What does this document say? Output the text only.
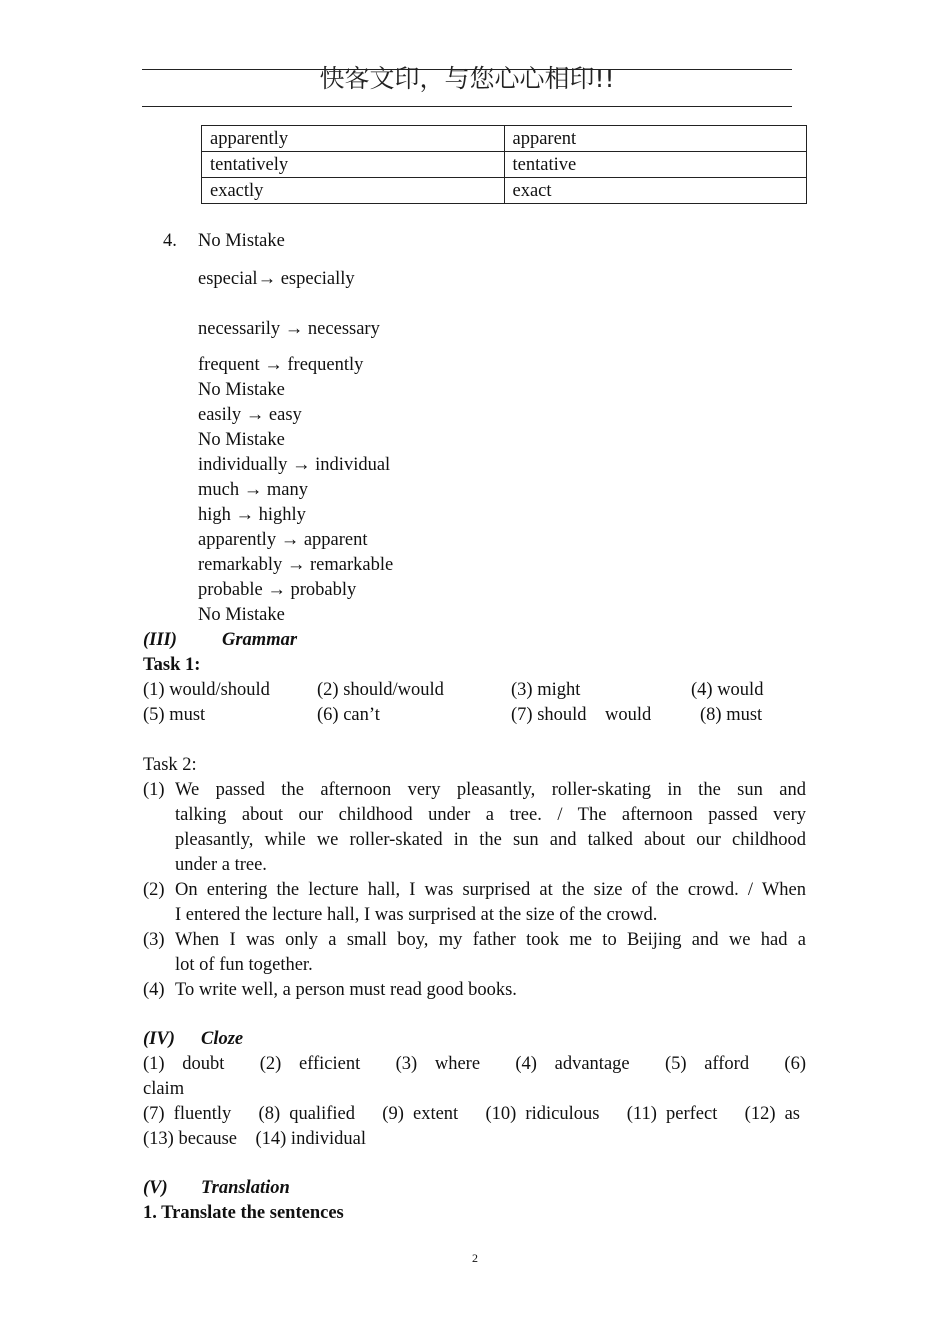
快客文印，与您心心相印!!
apparently	apparent
tentatively	tentative
exactly	exact
4. No Mistake
especial→ especially
necessarily → necessary
frequent → frequently
No Mistake
easily → easy
No Mistake
individually → individual
much → many
high → highly
apparently → apparent
remarkably → remarkable
probable → probably
No Mistake
(III) Grammar
Task 1:
(1) would/should	(2) should/would	(3) might	(4) would
(5) must	(6) can’t	(7) should    would	(8) must
Task 2:
(1) We passed the afternoon very pleasantly, roller-skating in the sun and
talking about our childhood under a tree. / The afternoon passed very
pleasantly, while we roller-skated in the sun and talked about our childhood
under a tree.
(2) On entering the lecture hall, I was surprised at the size of the crowd. / When
I entered the lecture hall, I was surprised at the size of the crowd.
(3) When I was only a small boy, my father took me to Beijing and we had a
lot of fun together.
(4) To write well, a person must read good books.
(IV) Cloze
(1)  doubt    (2)  efficient    (3)  where    (4)  advantage    (5)  afford    (6)
claim
(7) fluently   (8) qualified   (9) extent   (10) ridiculous   (11) perfect   (12) as
(13) because    (14) individual
(V) Translation
1. Translate the sentences
2
